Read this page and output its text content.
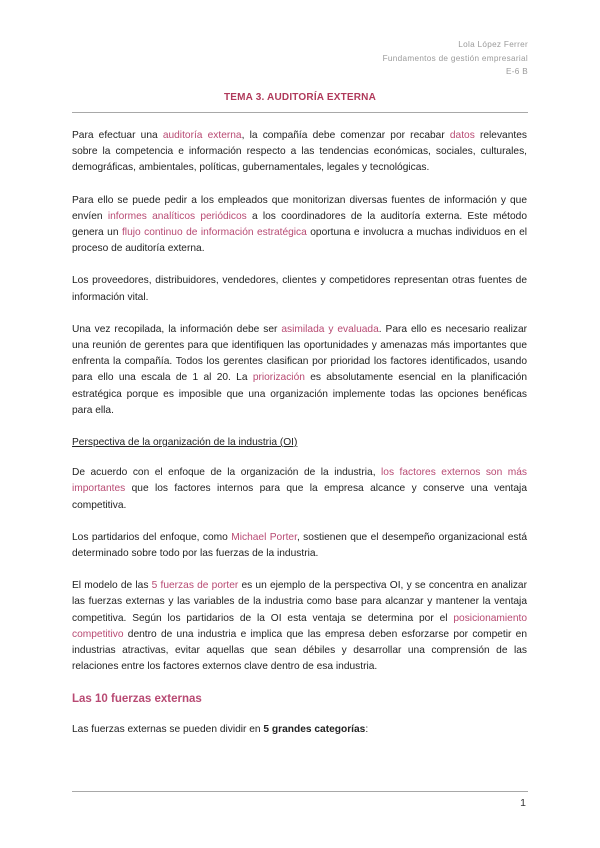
Lola López Ferrer
Fundamentos de gestión empresarial
E-6 B
TEMA 3. AUDITORÍA EXTERNA

Para efectuar una auditoría externa, la compañía debe comenzar por recabar datos relevantes sobre la competencia e información respecto a las tendencias económicas, sociales, culturales, demográficas, ambientales, políticas, gubernamentales, legales y tecnológicas.

Para ello se puede pedir a los empleados que monitorizan diversas fuentes de información y que envíen informes analíticos periódicos a los coordinadores de la auditoría externa. Este método genera un flujo continuo de información estratégica oportuna e involucra a muchas individuos en el proceso de auditoría externa.

Los proveedores, distribuidores, vendedores, clientes y competidores representan otras fuentes de información vital.

Una vez recopilada, la información debe ser asimilada y evaluada. Para ello es necesario realizar una reunión de gerentes para que identifiquen las oportunidades y amenazas más importantes que enfrenta la compañía. Todos los gerentes clasifican por prioridad los factores identificados, usando para ello una escala de 1 al 20. La priorización es absolutamente esencial en la planificación estratégica porque es imposible que una organización implemente todas las opciones benéficas para ella.

Perspectiva de la organización de la industria (OI)

De acuerdo con el enfoque de la organización de la industria, los factores externos son más importantes que los factores internos para que la empresa alcance y conserve una ventaja competitiva.

Los partidarios del enfoque, como Michael Porter, sostienen que el desempeño organizacional está determinado sobre todo por las fuerzas de la industria.

El modelo de las 5 fuerzas de porter es un ejemplo de la perspectiva OI, y se concentra en analizar las fuerzas externas y las variables de la industria como base para alcanzar y mantener la ventaja competitiva. Según los partidarios de la OI esta ventaja se determina por el posicionamiento competitivo dentro de una industria e implica que las empresa deben esforzarse por competir en industrias atractivas, evitar aquellas que sean débiles y desarrollar una comprensión de las relaciones entre los factores externos clave dentro de esa industria.

Las 10 fuerzas externas

Las fuerzas externas se pueden dividir en 5 grandes categorías:

1
